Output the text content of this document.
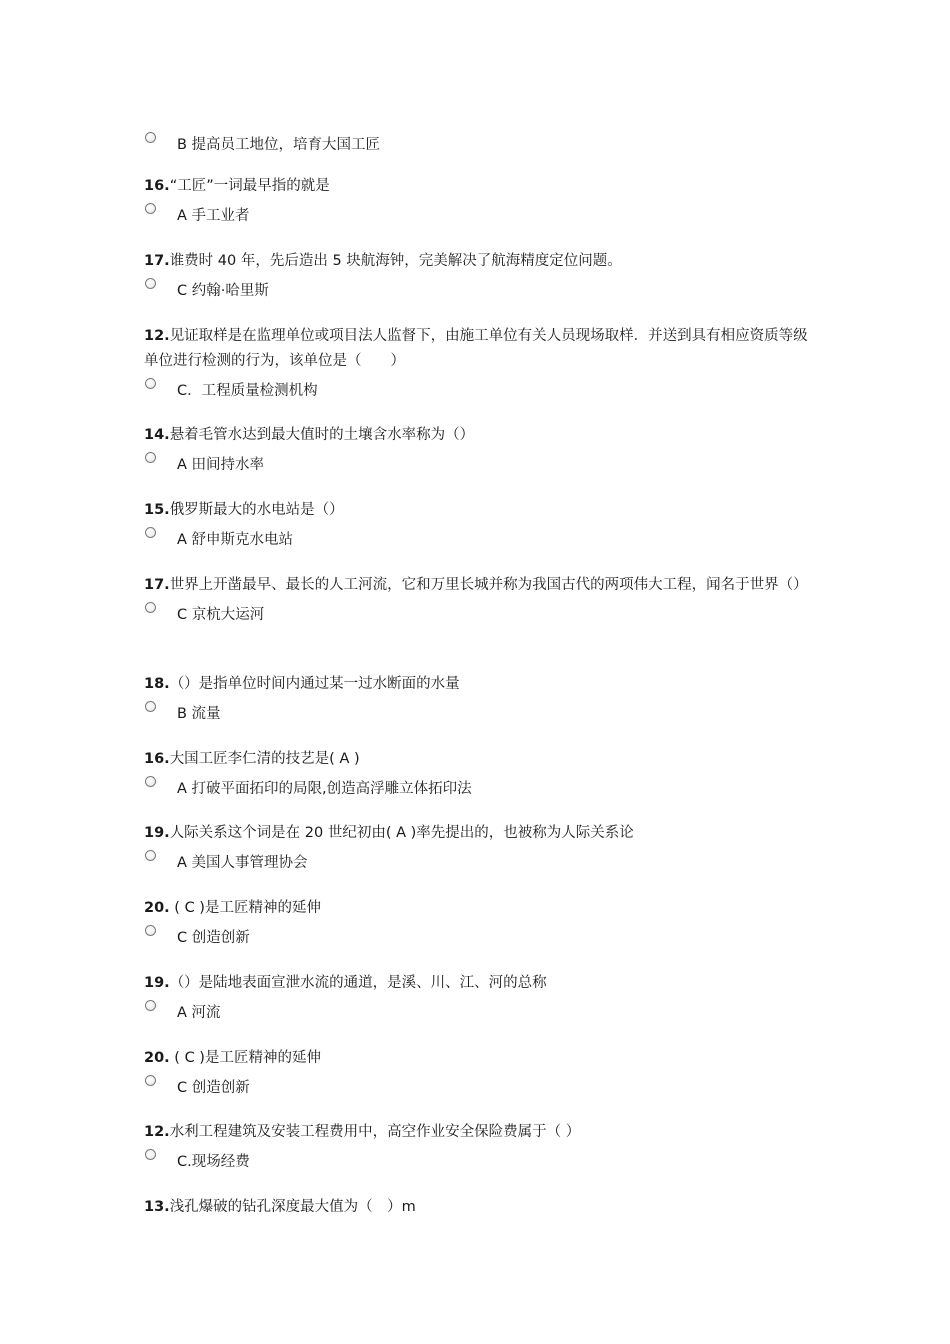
B 提高员工地位，培育大国工匠
16.“工匠”一词最早指的就是
A 手工业者
17.谁费时 40 年，先后造出 5 块航海钟，完美解决了航海精度定位问题。
C 约翰·哈里斯
12.见证取样是在监理单位或项目法人监督下，由施工单位有关人员现场取样．并送到具有相应资质等级单位进行检测的行为，该单位是（　　）
C．工程质量检测机构
14.悬着毛管水达到最大值时的土壤含水率称为（）
A 田间持水率
15.俄罗斯最大的水电站是（）
A 舒申斯克水电站
17.世界上开凿最早、最长的人工河流，它和万里长城并称为我国古代的两项伟大工程，闻名于世界（）
C 京杭大运河
18.（）是指单位时间内通过某一过水断面的水量
B 流量
16.大国工匠李仁清的技艺是( A )
A 打破平面拓印的局限,创造高浮雕立体拓印法
19.人际关系这个词是在 20 世纪初由( A )率先提出的，也被称为人际关系论
A 美国人事管理协会
20. ( C )是工匠精神的延伸
C 创造创新
19.（）是陆地表面宣泄水流的通道，是溪、川、江、河的总称
A 河流
20. ( C )是工匠精神的延伸
C 创造创新
12.水利工程建筑及安装工程费用中，高空作业安全保险费属于（ ）
C.现场经费
13.浅孔爆破的钻孔深度最大值为（　）m
